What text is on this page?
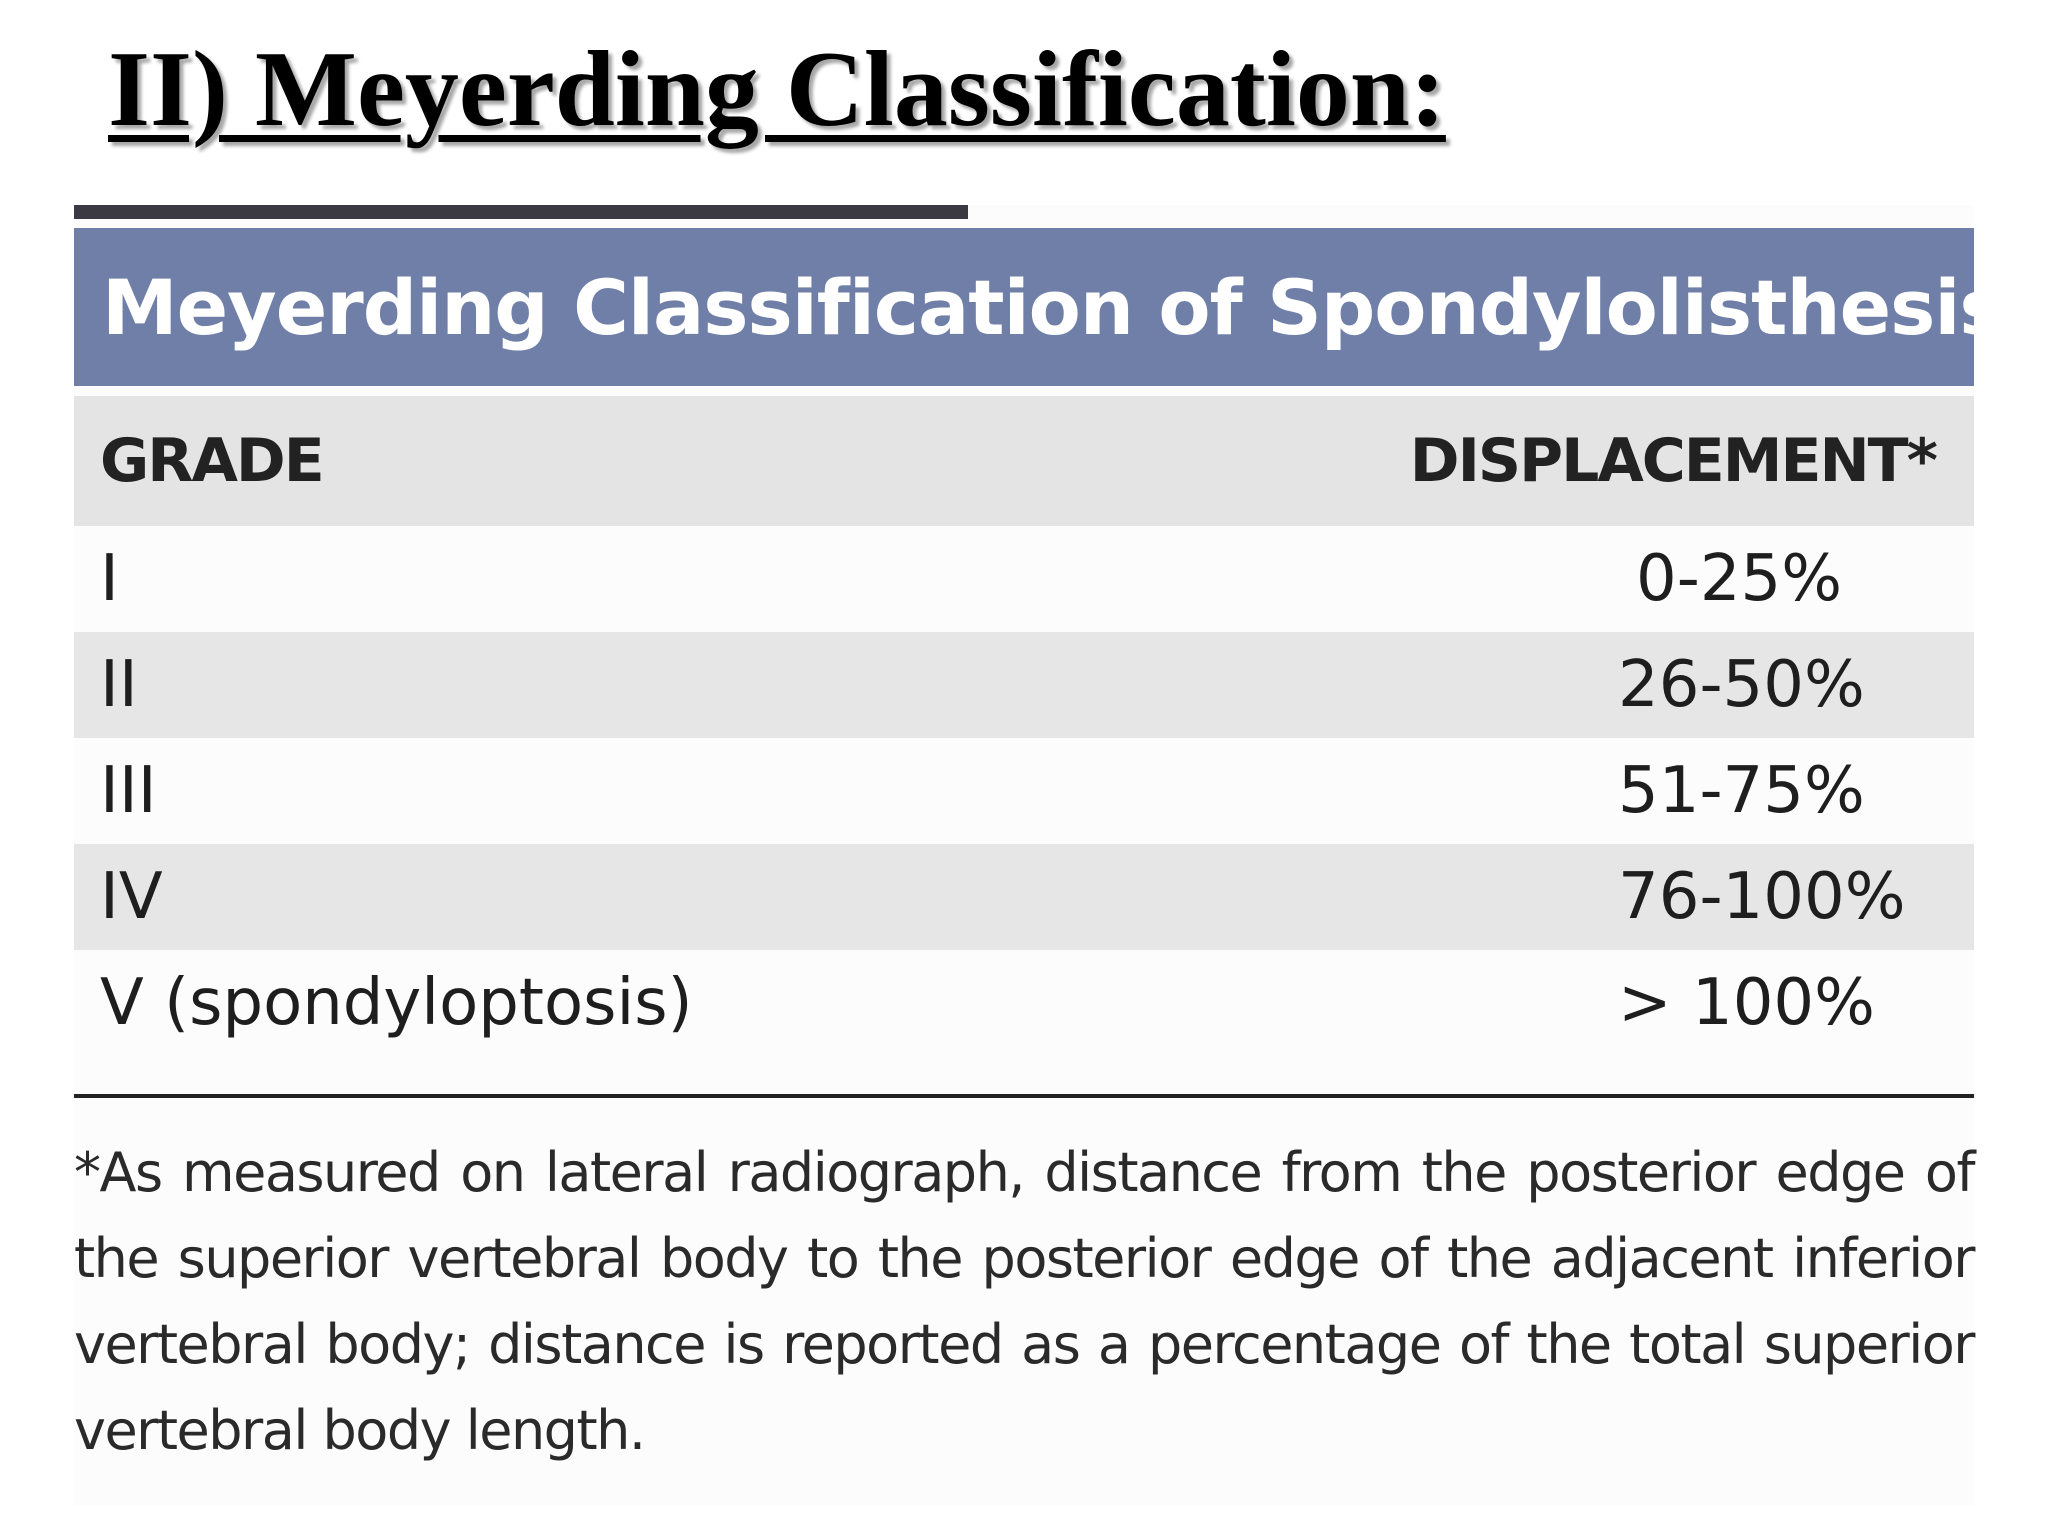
II) Meyerding Classification:
Meyerding Classification of Spondylolisthesis
GRADE	DISPLACEMENT*
I	0-25%
II	26-50%
III	51-75%
IV	76-100%
V (spondyloptosis)	> 100%

*As measured on lateral radiograph, distance from the posterior edge of the superior vertebral body to the posterior edge of the adjacent inferior vertebral body; distance is reported as a percentage of the total superior vertebral body length.
